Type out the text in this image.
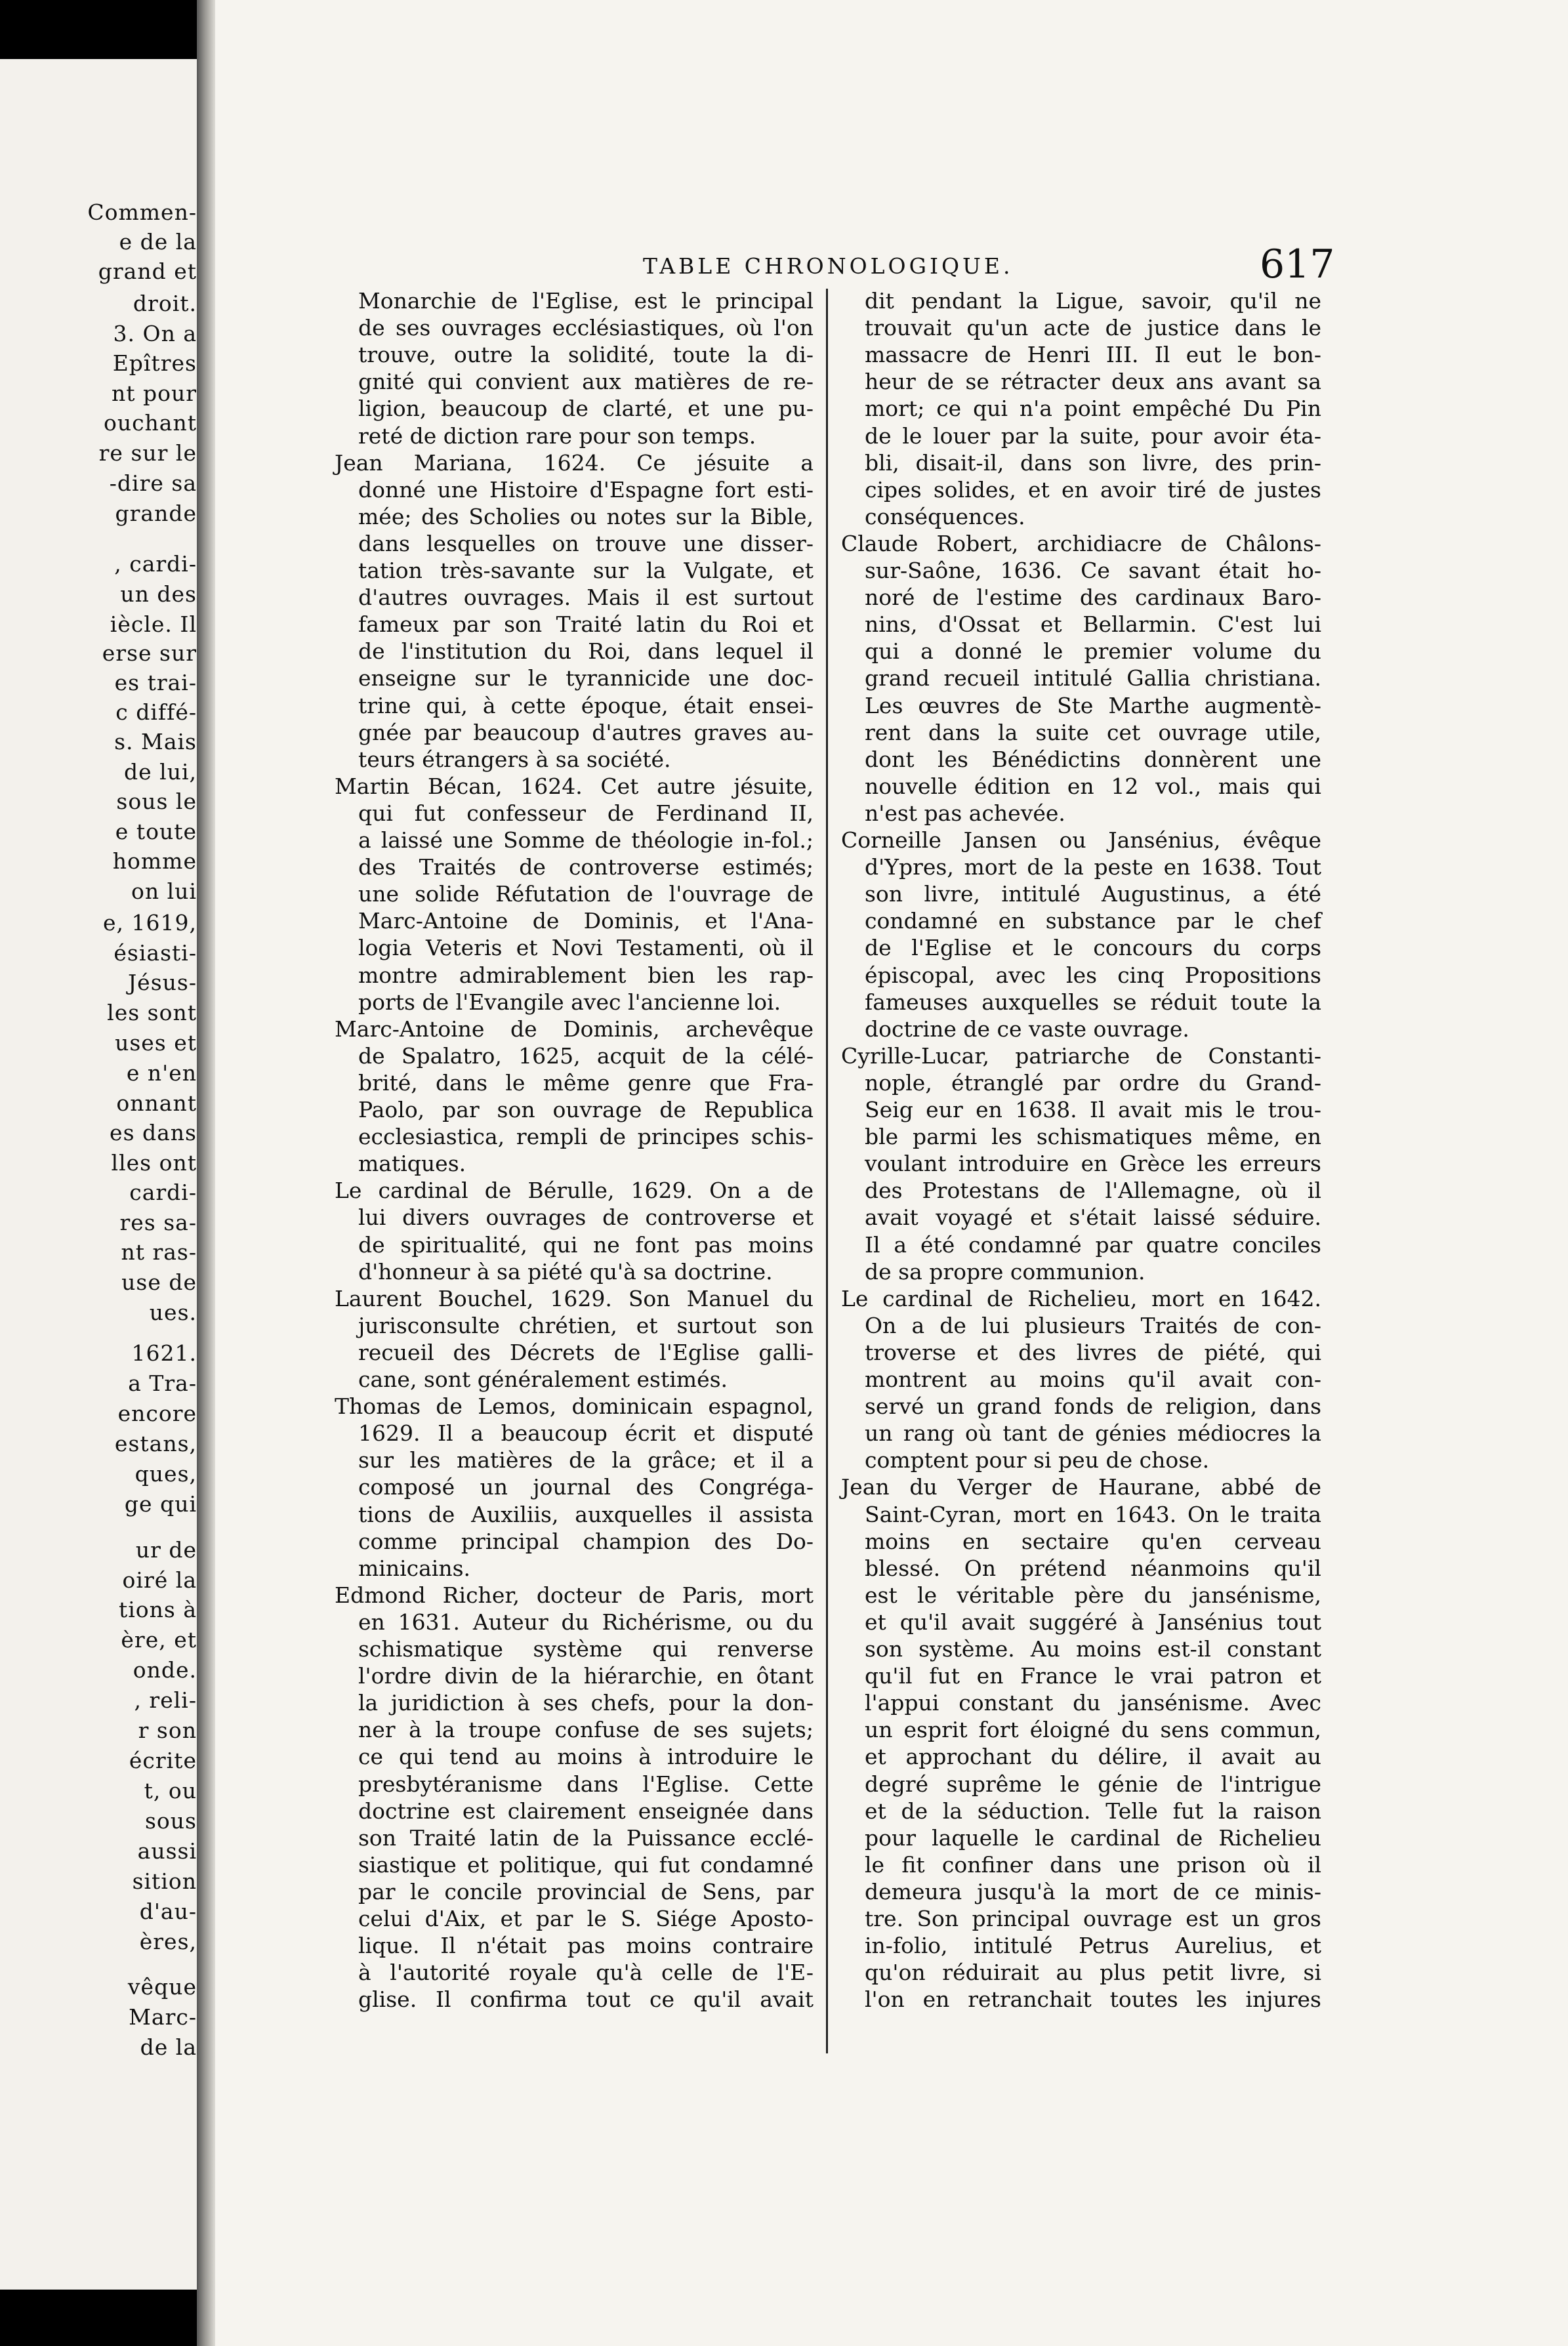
Commen-
e de la
grand et
droit.
3. On a
Epîtres
nt pour
ouchant
re sur le
-dire sa
grande
, cardi-
un des
iècle. Il
erse sur
es trai-
c diffé-
s. Mais
de lui,
sous le
e toute
homme
on lui
e, 1619,
ésiasti-
Jésus-
les sont
uses et
e n'en
onnant
es dans
lles ont
cardi-
res sa-
nt ras-
use de
ues.
1621.
a Tra-
encore
estans,
ques,
ge qui
ur de
oiré la
tions à
ère, et
onde.
, reli-
r son
écrite
t, ou
sous
aussi
sition
d'au-
ères,
vêque
Marc-
de la
TABLE CHRONOLOGIQUE.	617
Monarchie de l'Eglise, est le principal
de ses ouvrages ecclésiastiques, où l'on
trouve, outre la solidité, toute la di-
gnité qui convient aux matières de re-
ligion, beaucoup de clarté, et une pu-
reté de diction rare pour son temps.
Jean Mariana, 1624. Ce jésuite a
donné une Histoire d'Espagne fort esti-
mée; des Scholies ou notes sur la Bible,
dans lesquelles on trouve une disser-
tation très-savante sur la Vulgate, et
d'autres ouvrages. Mais il est surtout
fameux par son Traité latin du Roi et
de l'institution du Roi, dans lequel il
enseigne sur le tyrannicide une doc-
trine qui, à cette époque, était ensei-
gnée par beaucoup d'autres graves au-
teurs étrangers à sa société.
Martin Bécan, 1624. Cet autre jésuite,
qui fut confesseur de Ferdinand II,
a laissé une Somme de théologie in-fol.;
des Traités de controverse estimés;
une solide Réfutation de l'ouvrage de
Marc-Antoine de Dominis, et l'Ana-
logia Veteris et Novi Testamenti, où il
montre admirablement bien les rap-
ports de l'Evangile avec l'ancienne loi.
Marc-Antoine de Dominis, archevêque
de Spalatro, 1625, acquit de la célé-
brité, dans le même genre que Fra-
Paolo, par son ouvrage de Republica
ecclesiastica, rempli de principes schis-
matiques.
Le cardinal de Bérulle, 1629. On a de
lui divers ouvrages de controverse et
de spiritualité, qui ne font pas moins
d'honneur à sa piété qu'à sa doctrine.
Laurent Bouchel, 1629. Son Manuel du
jurisconsulte chrétien, et surtout son
recueil des Décrets de l'Eglise galli-
cane, sont généralement estimés.
Thomas de Lemos, dominicain espagnol,
1629. Il a beaucoup écrit et disputé
sur les matières de la grâce; et il a
composé un journal des Congréga-
tions de Auxiliis, auxquelles il assista
comme principal champion des Do-
minicains.
Edmond Richer, docteur de Paris, mort
en 1631. Auteur du Richérisme, ou du
schismatique système qui renverse
l'ordre divin de la hiérarchie, en ôtant
la juridiction à ses chefs, pour la don-
ner à la troupe confuse de ses sujets;
ce qui tend au moins à introduire le
presbytéranisme dans l'Eglise. Cette
doctrine est clairement enseignée dans
son Traité latin de la Puissance ecclé-
siastique et politique, qui fut condamné
par le concile provincial de Sens, par
celui d'Aix, et par le S. Siége Aposto-
lique. Il n'était pas moins contraire
à l'autorité royale qu'à celle de l'E-
glise. Il confirma tout ce qu'il avait
dit pendant la Ligue, savoir, qu'il ne
trouvait qu'un acte de justice dans le
massacre de Henri III. Il eut le bon-
heur de se rétracter deux ans avant sa
mort; ce qui n'a point empêché Du Pin
de le louer par la suite, pour avoir éta-
bli, disait-il, dans son livre, des prin-
cipes solides, et en avoir tiré de justes
conséquences.
Claude Robert, archidiacre de Châlons-
sur-Saône, 1636. Ce savant était ho-
noré de l'estime des cardinaux Baro-
nins, d'Ossat et Bellarmin. C'est lui
qui a donné le premier volume du
grand recueil intitulé Gallia christiana.
Les œuvres de Ste Marthe augmentè-
rent dans la suite cet ouvrage utile,
dont les Bénédictins donnèrent une
nouvelle édition en 12 vol., mais qui
n'est pas achevée.
Corneille Jansen ou Jansénius, évêque
d'Ypres, mort de la peste en 1638. Tout
son livre, intitulé Augustinus, a été
condamné en substance par le chef
de l'Eglise et le concours du corps
épiscopal, avec les cinq Propositions
fameuses auxquelles se réduit toute la
doctrine de ce vaste ouvrage.
Cyrille-Lucar, patriarche de Constanti-
nople, étranglé par ordre du Grand-
Seig eur en 1638. Il avait mis le trou-
ble parmi les schismatiques même, en
voulant introduire en Grèce les erreurs
des Protestans de l'Allemagne, où il
avait voyagé et s'était laissé séduire.
Il a été condamné par quatre conciles
de sa propre communion.
Le cardinal de Richelieu, mort en 1642.
On a de lui plusieurs Traités de con-
troverse et des livres de piété, qui
montrent au moins qu'il avait con-
servé un grand fonds de religion, dans
un rang où tant de génies médiocres la
comptent pour si peu de chose.
Jean du Verger de Haurane, abbé de
Saint-Cyran, mort en 1643. On le traita
moins en sectaire qu'en cerveau
blessé. On prétend néanmoins qu'il
est le véritable père du jansénisme,
et qu'il avait suggéré à Jansénius tout
son système. Au moins est-il constant
qu'il fut en France le vrai patron et
l'appui constant du jansénisme. Avec
un esprit fort éloigné du sens commun,
et approchant du délire, il avait au
degré suprême le génie de l'intrigue
et de la séduction. Telle fut la raison
pour laquelle le cardinal de Richelieu
le fit confiner dans une prison où il
demeura jusqu'à la mort de ce minis-
tre. Son principal ouvrage est un gros
in-folio, intitulé Petrus Aurelius, et
qu'on réduirait au plus petit livre, si
l'on en retranchait toutes les injures
